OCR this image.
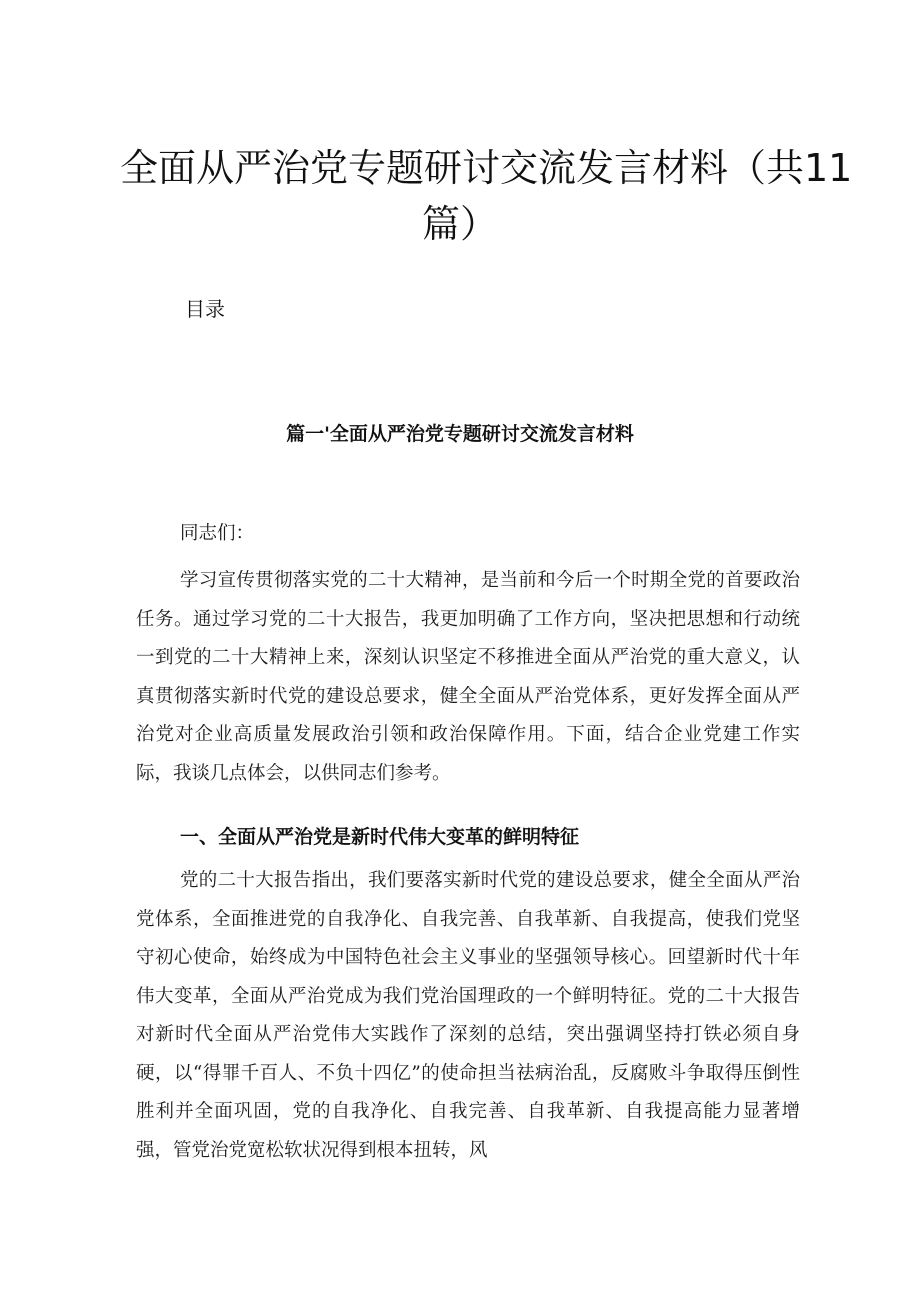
全面从严治党专题研讨交流发言材料（共11
篇）

目录

篇一'全面从严治党专题研讨交流发言材料

同志们：

学习宣传贯彻落实党的二十大精神，是当前和今后一个时期全党的首要政治任务。通过学习党的二十大报告，我更加明确了工作方向，坚决把思想和行动统一到党的二十大精神上来，深刻认识坚定不移推进全面从严治党的重大意义，认真贯彻落实新时代党的建设总要求，健全全面从严治党体系，更好发挥全面从严治党对企业高质量发展政治引领和政治保障作用。下面，结合企业党建工作实际，我谈几点体会，以供同志们参考。

一、全面从严治党是新时代伟大变革的鲜明特征

党的二十大报告指出，我们要落实新时代党的建设总要求，健全全面从严治党体系，全面推进党的自我净化、自我完善、自我革新、自我提高，使我们党坚守初心使命，始终成为中国特色社会主义事业的坚强领导核心。回望新时代十年伟大变革，全面从严治党成为我们党治国理政的一个鲜明特征。党的二十大报告对新时代全面从严治党伟大实践作了深刻的总结，突出强调坚持打铁必须自身硬，以“得罪千百人、不负十四亿”的使命担当祛病治乱，反腐败斗争取得压倒性胜利并全面巩固，党的自我净化、自我完善、自我革新、自我提高能力显著增强，管党治党宽松软状况得到根本扭转，风
